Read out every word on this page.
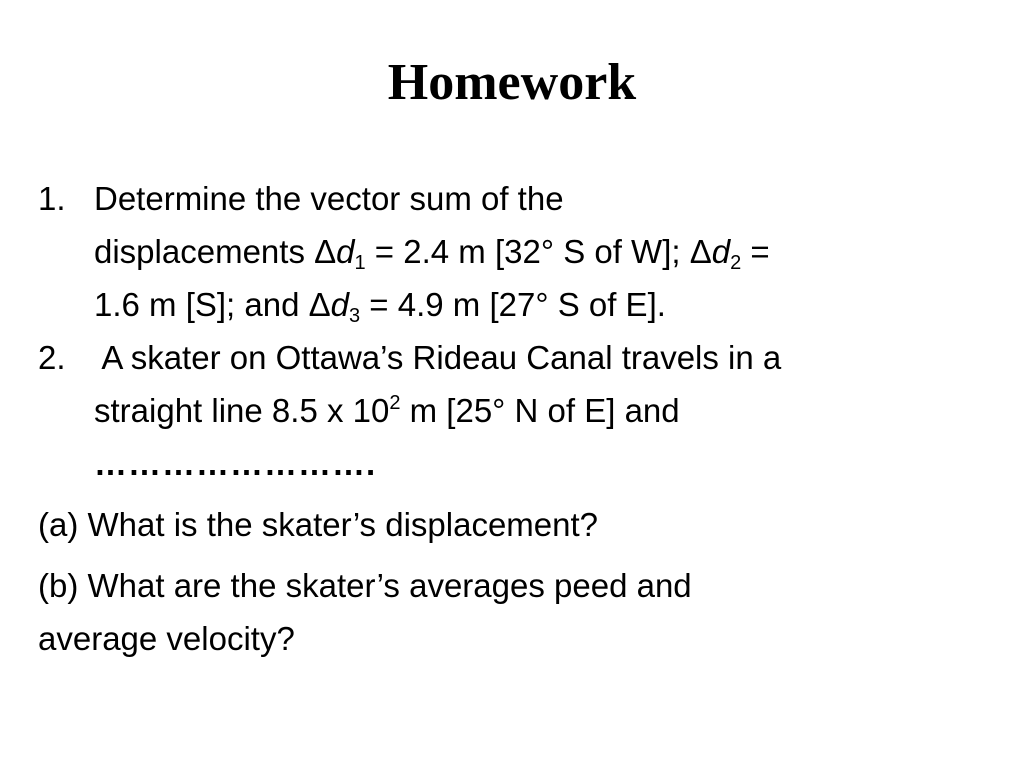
Homework
1. Determine the vector sum of the
displacements $\Delta d_1 = 2.4$ m [32° S of W]; $\Delta d_2$ =
1.6 m [S]; and $\Delta d_3 = 4.9$ m [27° S of E].
2. A skater on Ottawa’s Rideau Canal travels in a
straight line 8.5 x $10^2$ m [25° N of E] and
…………………….
(a) What is the skater’s displacement?
(b) What are the skater’s averages peed and
average velocity?
